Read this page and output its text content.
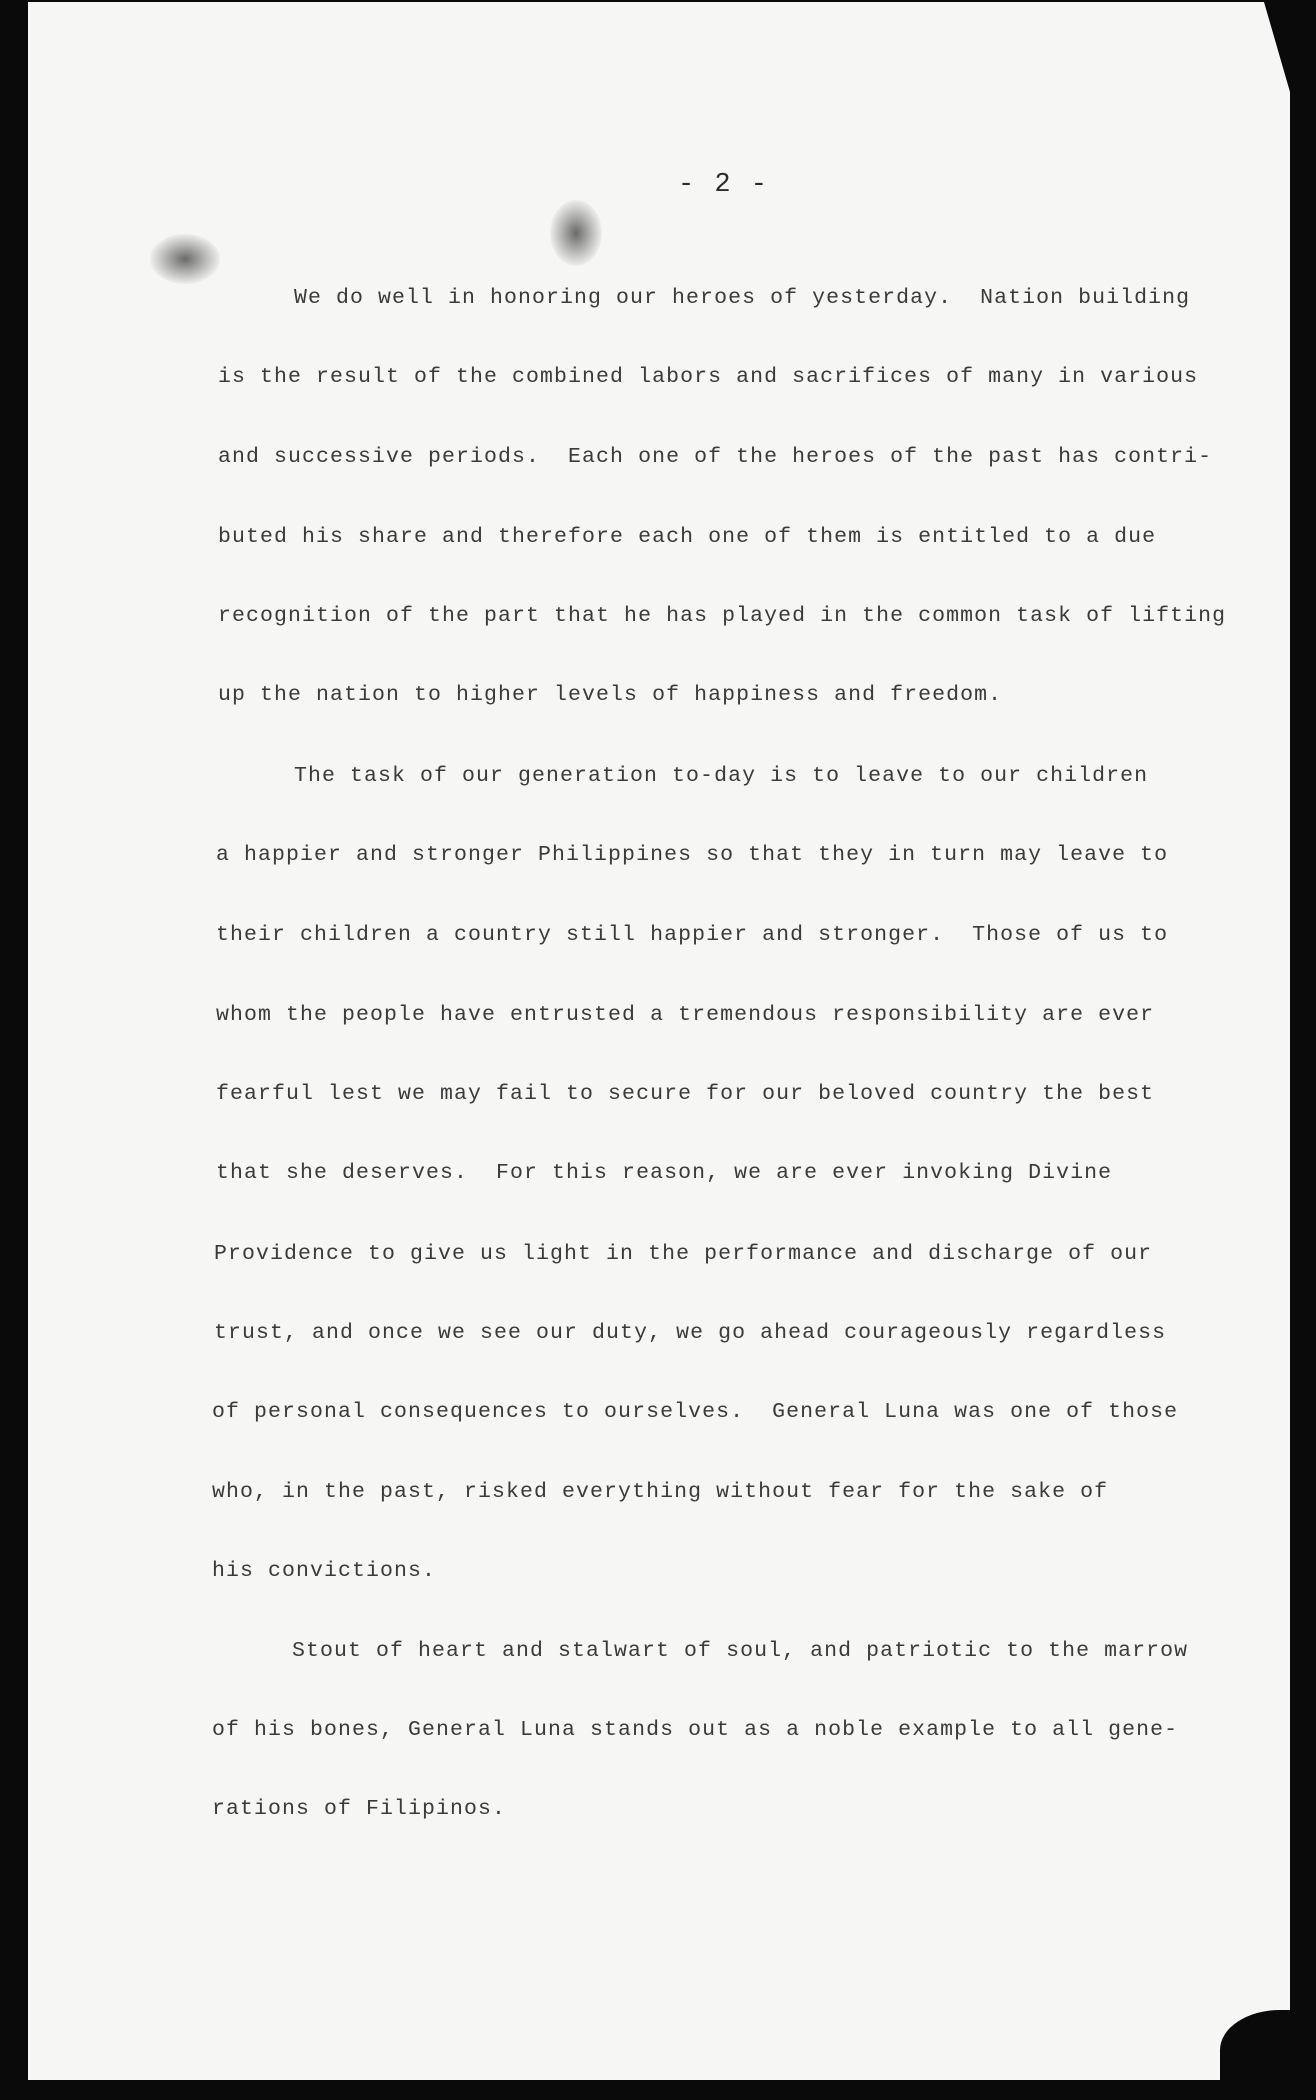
- 2 -
We do well in honoring our heroes of yesterday.  Nation building
is the result of the combined labors and sacrifices of many in various
and successive periods.  Each one of the heroes of the past has contri-
buted his share and therefore each one of them is entitled to a due
recognition of the part that he has played in the common task of lifting
up the nation to higher levels of happiness and freedom.
The task of our generation to-day is to leave to our children
a happier and stronger Philippines so that they in turn may leave to
their children a country still happier and stronger.  Those of us to
whom the people have entrusted a tremendous responsibility are ever
fearful lest we may fail to secure for our beloved country the best
that she deserves.  For this reason, we are ever invoking Divine
Providence to give us light in the performance and discharge of our
trust, and once we see our duty, we go ahead courageously regardless
of personal consequences to ourselves.  General Luna was one of those
who, in the past, risked everything without fear for the sake of
his convictions.
Stout of heart and stalwart of soul, and patriotic to the marrow
of his bones, General Luna stands out as a noble example to all gene-
rations of Filipinos.
